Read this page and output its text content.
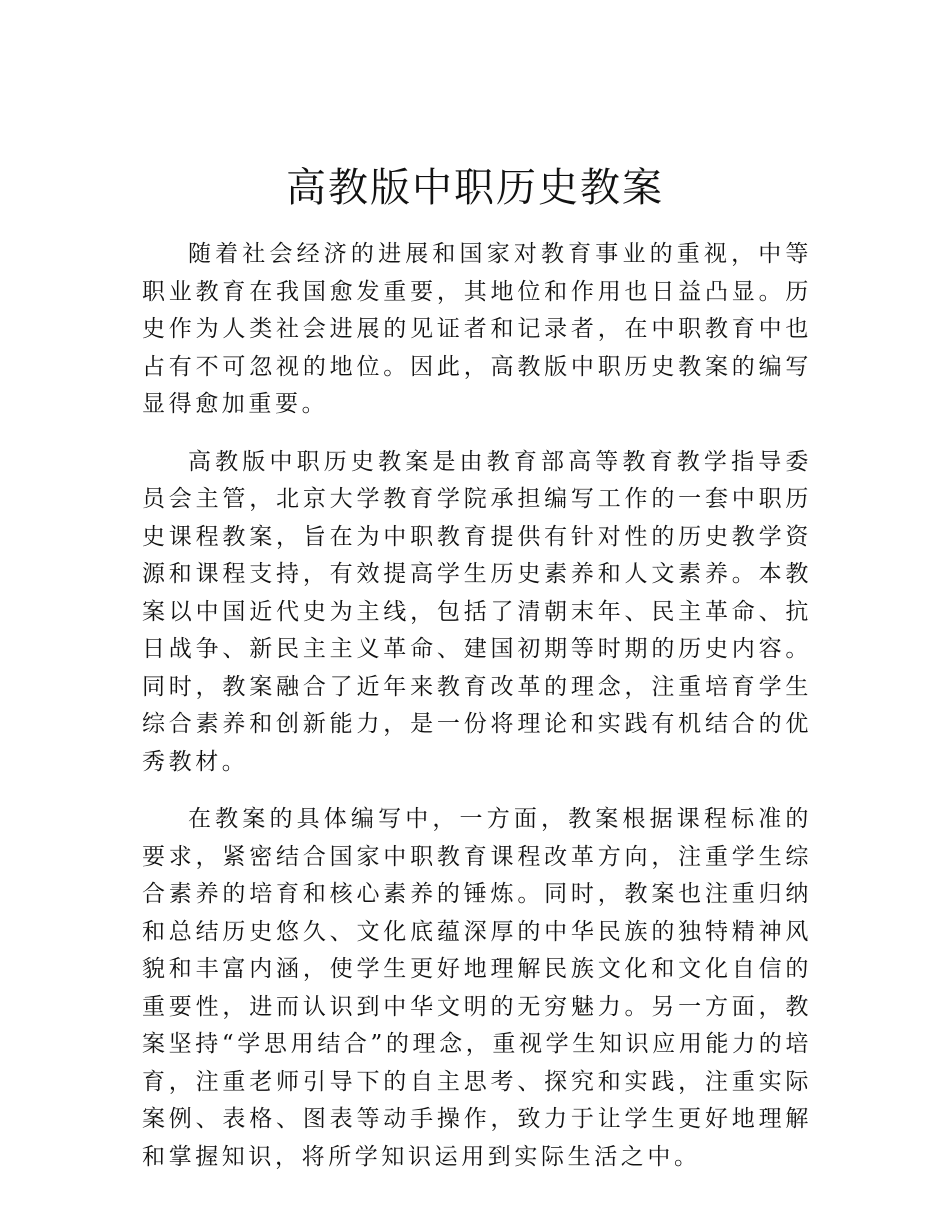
高教版中职历史教案

随着社会经济的进展和国家对教育事业的重视，中等职业教育在我国愈发重要，其地位和作用也日益凸显。历史作为人类社会进展的见证者和记录者，在中职教育中也占有不可忽视的地位。因此，高教版中职历史教案的编写显得愈加重要。

高教版中职历史教案是由教育部高等教育教学指导委员会主管，北京大学教育学院承担编写工作的一套中职历史课程教案，旨在为中职教育提供有针对性的历史教学资源和课程支持，有效提高学生历史素养和人文素养。本教案以中国近代史为主线，包括了清朝末年、民主革命、抗日战争、新民主主义革命、建国初期等时期的历史内容。同时，教案融合了近年来教育改革的理念，注重培育学生综合素养和创新能力，是一份将理论和实践有机结合的优秀教材。

在教案的具体编写中，一方面，教案根据课程标准的要求，紧密结合国家中职教育课程改革方向，注重学生综合素养的培育和核心素养的锤炼。同时，教案也注重归纳和总结历史悠久、文化底蕴深厚的中华民族的独特精神风貌和丰富内涵，使学生更好地理解民族文化和文化自信的重要性，进而认识到中华文明的无穷魅力。另一方面，教案坚持“学思用结合”的理念，重视学生知识应用能力的培育，注重老师引导下的自主思考、探究和实践，注重实际案例、表格、图表等动手操作，致力于让学生更好地理解和掌握知识，将所学知识运用到实际生活之中。
